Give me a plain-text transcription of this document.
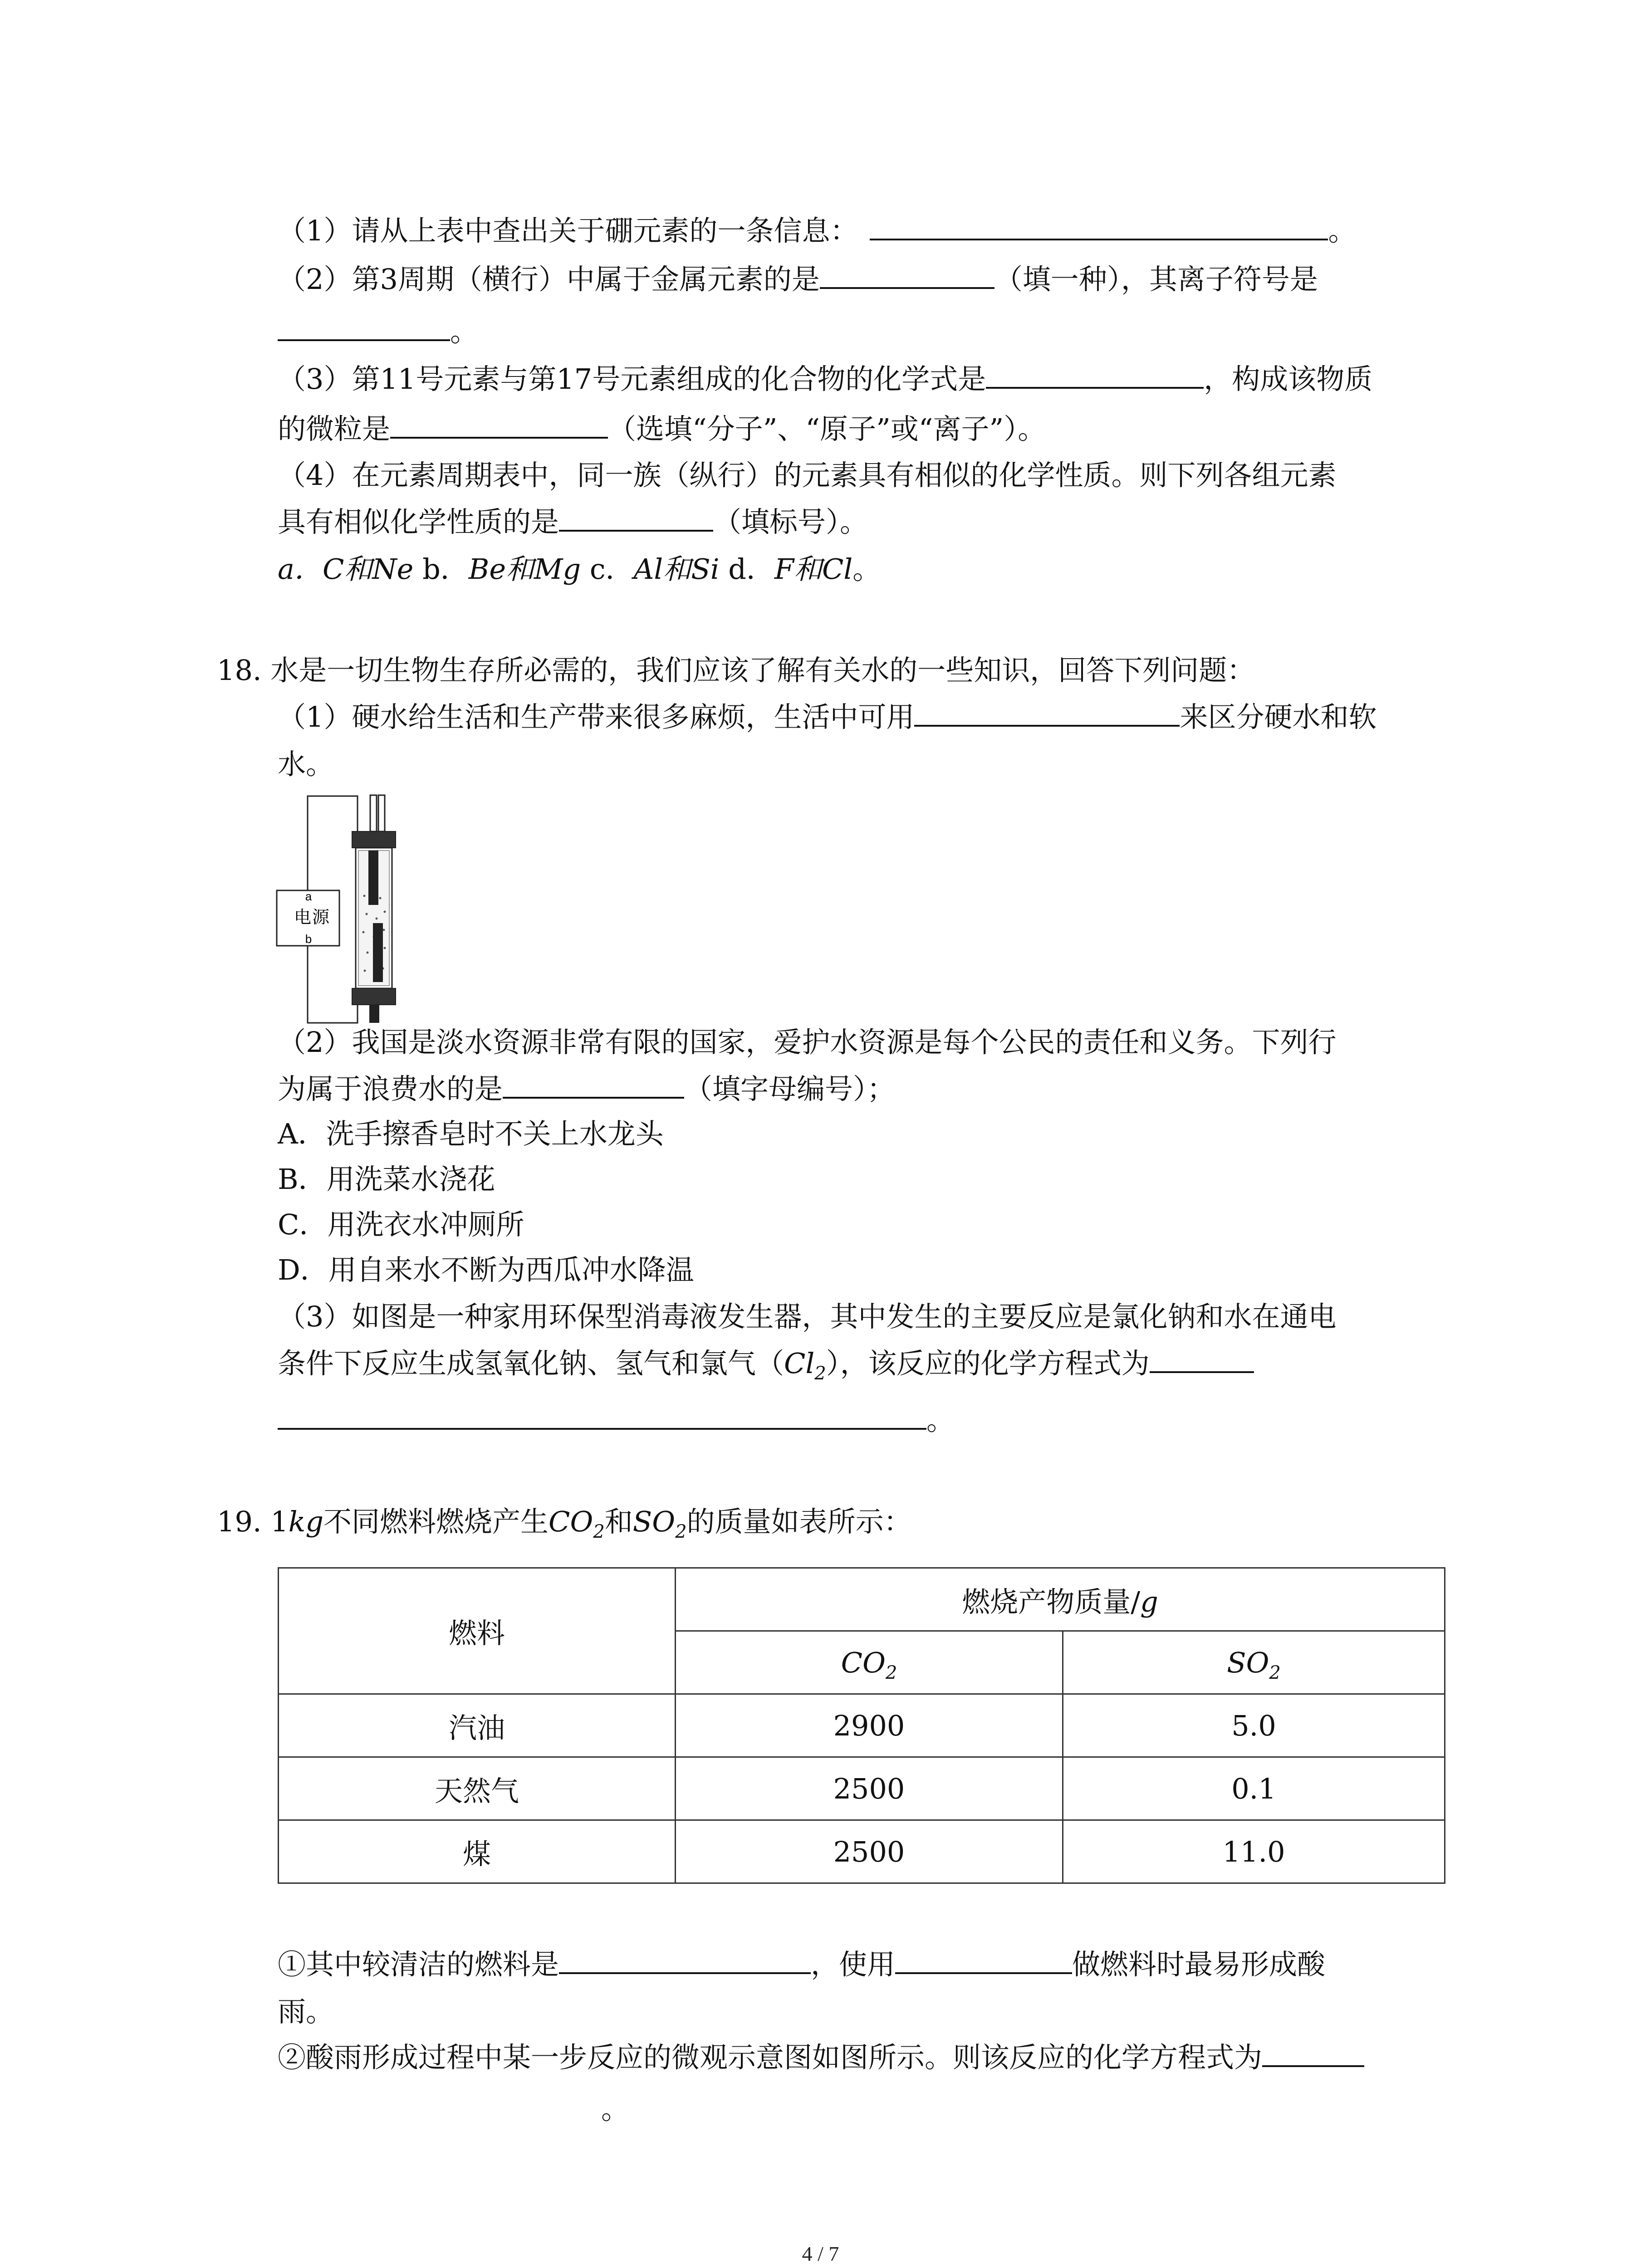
（1）请从上表中查出关于硼元素的一条信息：	。
（2）第3周期（横行）中属于金属元素的是	（填一种），其离子符号是
。
（3）第11号元素与第17号元素组成的化合物的化学式是	，构成该物质
的微粒是	（选填“分子”、“原子”或“离子”）。
（4）在元素周期表中，同一族（纵行）的元素具有相似的化学性质。则下列各组元素
具有相似化学性质的是	（填标号）。
a．C和Ne b．Be和Mg c．Al和Si d．F和Cl。
18. 水是一切生物生存所必需的，我们应该了解有关水的一些知识，回答下列问题：
（1）硬水给生活和生产带来很多麻烦，生活中可用	来区分硬水和软
水。
a
电 源
b
（2）我国是淡水资源非常有限的国家，爱护水资源是每个公民的责任和义务。下列行
为属于浪费水的是	（填字母编号）；
A．洗手擦香皂时不关上水龙头
B．用洗菜水浇花
C．用洗衣水冲厕所
D．用自来水不断为西瓜冲水降温
（3）如图是一种家用环保型消毒液发生器，其中发生的主要反应是氯化钠和水在通电
条件下反应生成氢氧化钠、氢气和氯气$(Cl_2)$，该反应的化学方程式为
。
19. 1kg不同燃料燃烧产生$CO_2$和$SO_2$的质量如表所示：
燃料	燃烧产物质量/g	
	$CO_2$	$SO_2$
汽油	2900	5.0
天然气	2500	0.1
煤	2500	11.0
①其中较清洁的燃料是	，使用	做燃料时最易形成酸
雨。
②酸雨形成过程中某一步反应的微观示意图如图所示。则该反应的化学方程式为
。
4 / 7
